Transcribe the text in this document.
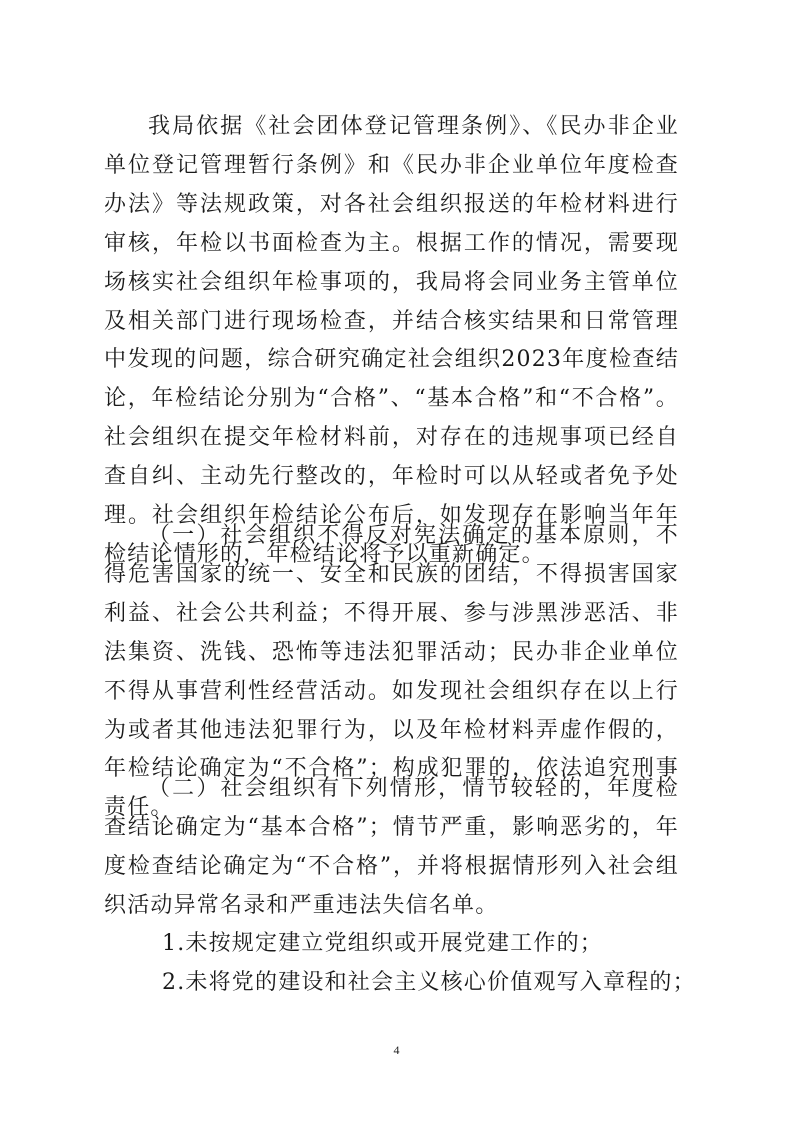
我局依据《社会团体登记管理条例》、《民办非企业单位登记管理暂行条例》和《民办非企业单位年度检查办法》等法规政策，对各社会组织报送的年检材料进行审核，年检以书面检查为主。根据工作的情况，需要现场核实社会组织年检事项的，我局将会同业务主管单位及相关部门进行现场检查，并结合核实结果和日常管理中发现的问题，综合研究确定社会组织2023年度检查结论，年检结论分别为“合格”、“基本合格”和“不合格”。社会组织在提交年检材料前，对存在的违规事项已经自查自纠、主动先行整改的，年检时可以从轻或者免予处理。社会组织年检结论公布后，如发现存在影响当年年检结论情形的，年检结论将予以重新确定。

（一）社会组织不得反对宪法确定的基本原则，不得危害国家的统一、安全和民族的团结，不得损害国家利益、社会公共利益；不得开展、参与涉黑涉恶活、非法集资、洗钱、恐怖等违法犯罪活动；民办非企业单位不得从事营利性经营活动。如发现社会组织存在以上行为或者其他违法犯罪行为，以及年检材料弄虚作假的，年检结论确定为“不合格”；构成犯罪的，依法追究刑事责任。

（二）社会组织有下列情形，情节较轻的，年度检查结论确定为“基本合格”；情节严重，影响恶劣的，年度检查结论确定为“不合格”，并将根据情形列入社会组织活动异常名录和严重违法失信名单。

1.未按规定建立党组织或开展党建工作的；

2.未将党的建设和社会主义核心价值观写入章程的；

4
